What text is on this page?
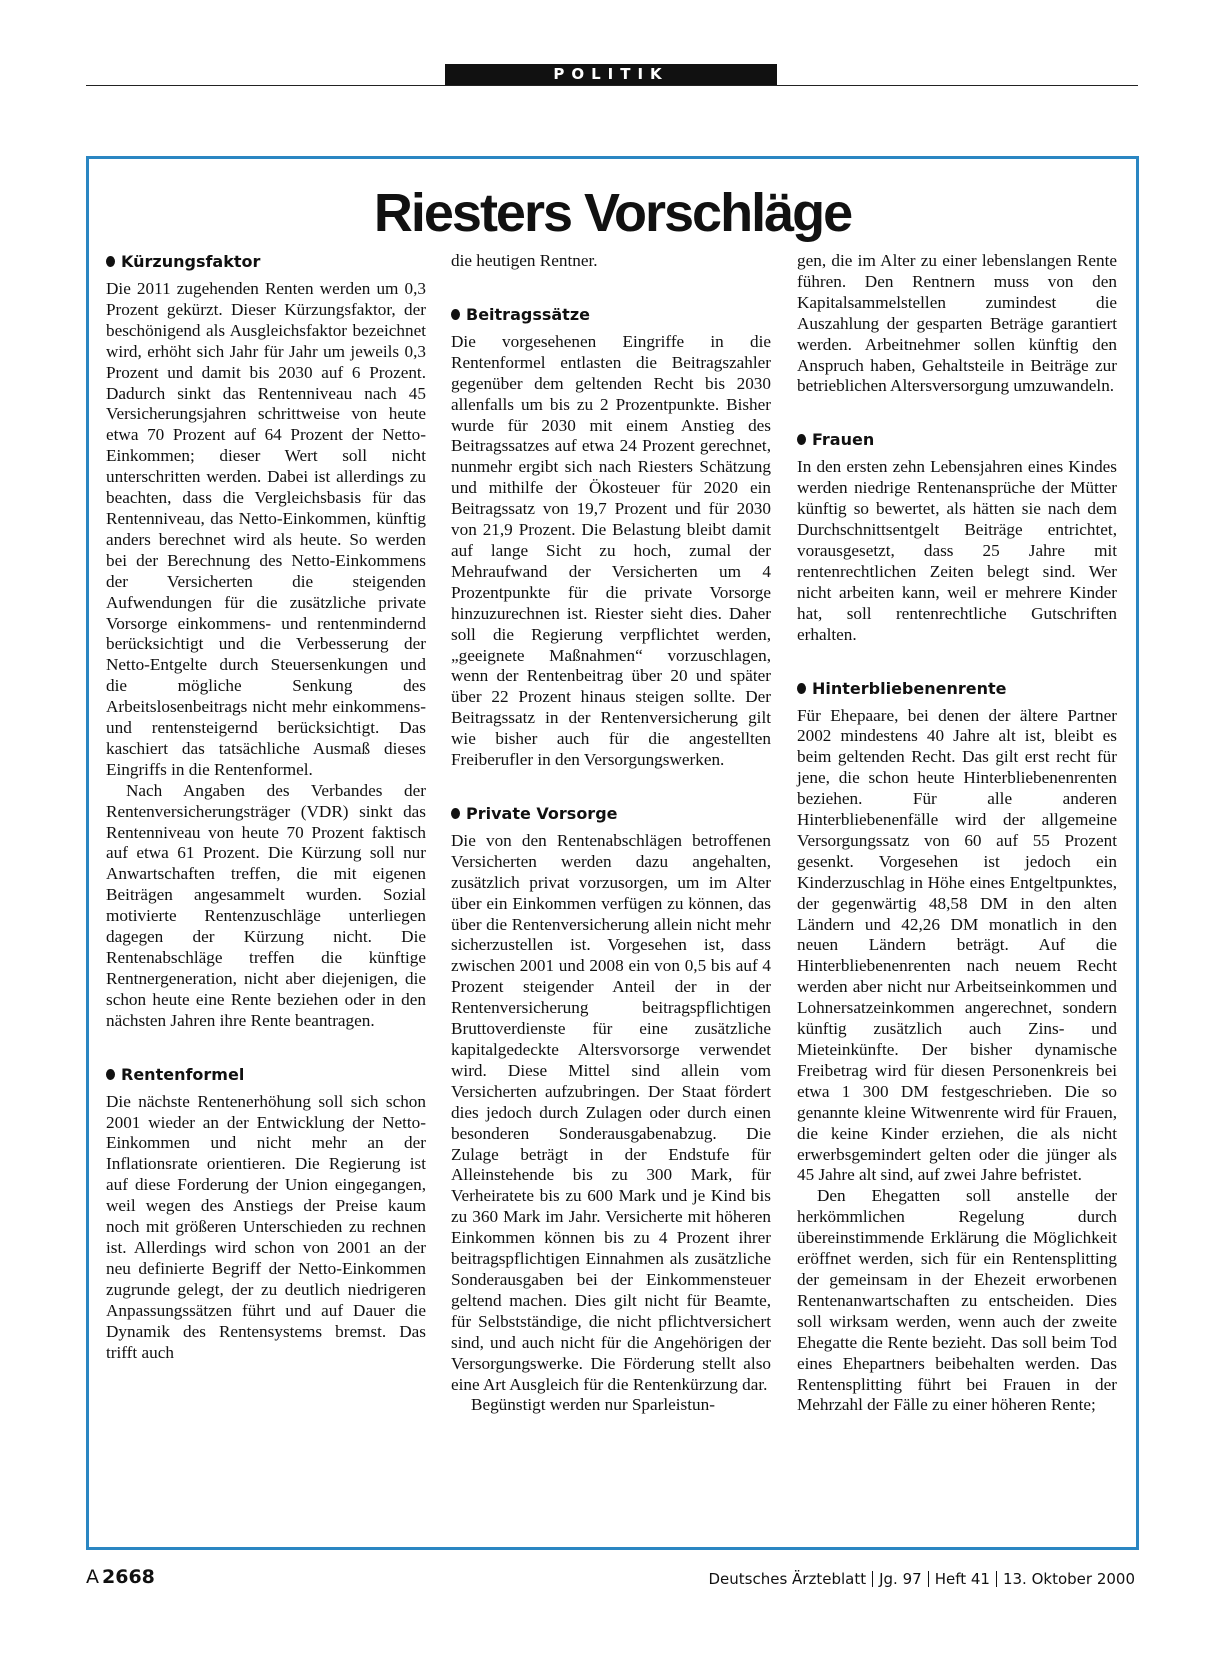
POLITIK
Riesters Vorschläge
Kürzungsfaktor

Die 2011 zugehenden Renten werden um 0,3 Prozent gekürzt. Dieser Kürzungsfaktor, der beschönigend als Ausgleichsfaktor bezeichnet wird, erhöht sich Jahr für Jahr um jeweils 0,3 Prozent und damit bis 2030 auf 6 Prozent. Dadurch sinkt das Rentenniveau nach 45 Versicherungsjahren schrittweise von heute etwa 70 Prozent auf 64 Prozent der Netto-Einkommen; dieser Wert soll nicht unterschritten werden. Dabei ist allerdings zu beachten, dass die Vergleichsbasis für das Rentenniveau, das Netto-Einkommen, künftig anders berechnet wird als heute. So werden bei der Berechnung des Netto-Einkommens der Versicherten die steigenden Aufwendungen für die zusätzliche private Vorsorge einkommens- und rentenmindernd berücksichtigt und die Verbesserung der Netto-Entgelte durch Steuersenkungen und die mögliche Senkung des Arbeitslosenbeitrags nicht mehr einkommens- und rentensteigernd berücksichtigt. Das kaschiert das tatsächliche Ausmaß dieses Eingriffs in die Rentenformel.

Nach Angaben des Verbandes der Rentenversicherungsträger (VDR) sinkt das Rentenniveau von heute 70 Prozent faktisch auf etwa 61 Prozent. Die Kürzung soll nur Anwartschaften treffen, die mit eigenen Beiträgen angesammelt wurden. Sozial motivierte Rentenzuschläge unterliegen dagegen der Kürzung nicht. Die Rentenabschläge treffen die künftige Rentnergeneration, nicht aber diejenigen, die schon heute eine Rente beziehen oder in den nächsten Jahren ihre Rente beantragen.

Rentenformel

Die nächste Rentenerhöhung soll sich schon 2001 wieder an der Entwicklung der Netto-Einkommen und nicht mehr an der Inflationsrate orientieren. Die Regierung ist auf diese Forderung der Union eingegangen, weil wegen des Anstiegs der Preise kaum noch mit größeren Unterschieden zu rechnen ist. Allerdings wird schon von 2001 an der neu definierte Begriff der Netto-Einkommen zugrunde gelegt, der zu deutlich niedrigeren Anpassungssätzen führt und auf Dauer die Dynamik des Rentensystems bremst. Das trifft auch

die heutigen Rentner.

Beitragssätze

Die vorgesehenen Eingriffe in die Rentenformel entlasten die Beitragszahler gegenüber dem geltenden Recht bis 2030 allenfalls um bis zu 2 Prozentpunkte. Bisher wurde für 2030 mit einem Anstieg des Beitragssatzes auf etwa 24 Prozent gerechnet, nunmehr ergibt sich nach Riesters Schätzung und mithilfe der Ökosteuer für 2020 ein Beitragssatz von 19,7 Prozent und für 2030 von 21,9 Prozent. Die Belastung bleibt damit auf lange Sicht zu hoch, zumal der Mehraufwand der Versicherten um 4 Prozentpunkte für die private Vorsorge hinzuzurechnen ist. Riester sieht dies. Daher soll die Regierung verpflichtet werden, „geeignete Maßnahmen“ vorzuschlagen, wenn der Rentenbeitrag über 20 und später über 22 Prozent hinaus steigen sollte. Der Beitragssatz in der Rentenversicherung gilt wie bisher auch für die angestellten Freiberufler in den Versorgungswerken.

Private Vorsorge

Die von den Rentenabschlägen betroffenen Versicherten werden dazu angehalten, zusätzlich privat vorzusorgen, um im Alter über ein Einkommen verfügen zu können, das über die Rentenversicherung allein nicht mehr sicherzustellen ist. Vorgesehen ist, dass zwischen 2001 und 2008 ein von 0,5 bis auf 4 Prozent steigender Anteil der in der Rentenversicherung beitragspflichtigen Bruttoverdienste für eine zusätzliche kapitalgedeckte Altersvorsorge verwendet wird. Diese Mittel sind allein vom Versicherten aufzubringen. Der Staat fördert dies jedoch durch Zulagen oder durch einen besonderen Sonderausgabenabzug. Die Zulage beträgt in der Endstufe für Alleinstehende bis zu 300 Mark, für Verheiratete bis zu 600 Mark und je Kind bis zu 360 Mark im Jahr. Versicherte mit höheren Einkommen können bis zu 4 Prozent ihrer beitragspflichtigen Einnahmen als zusätzliche Sonderausgaben bei der Einkommensteuer geltend machen. Dies gilt nicht für Beamte, für Selbstständige, die nicht pflichtversichert sind, und auch nicht für die Angehörigen der Versorgungswerke. Die Förderung stellt also eine Art Ausgleich für die Rentenkürzung dar.

Begünstigt werden nur Sparleistun-

gen, die im Alter zu einer lebenslangen Rente führen. Den Rentnern muss von den Kapitalsammelstellen zumindest die Auszahlung der gesparten Beträge garantiert werden. Arbeitnehmer sollen künftig den Anspruch haben, Gehaltsteile in Beiträge zur betrieblichen Altersversorgung umzuwandeln.

Frauen

In den ersten zehn Lebensjahren eines Kindes werden niedrige Rentenansprüche der Mütter künftig so bewertet, als hätten sie nach dem Durchschnittsentgelt Beiträge entrichtet, vorausgesetzt, dass 25 Jahre mit rentenrechtlichen Zeiten belegt sind. Wer nicht arbeiten kann, weil er mehrere Kinder hat, soll rentenrechtliche Gutschriften erhalten.

Hinterbliebenenrente

Für Ehepaare, bei denen der ältere Partner 2002 mindestens 40 Jahre alt ist, bleibt es beim geltenden Recht. Das gilt erst recht für jene, die schon heute Hinterbliebenenrenten beziehen. Für alle anderen Hinterbliebenenfälle wird der allgemeine Versorgungssatz von 60 auf 55 Prozent gesenkt. Vorgesehen ist jedoch ein Kinderzuschlag in Höhe eines Entgeltpunktes, der gegenwärtig 48,58 DM in den alten Ländern und 42,26 DM monatlich in den neuen Ländern beträgt. Auf die Hinterbliebenenrenten nach neuem Recht werden aber nicht nur Arbeitseinkommen und Lohnersatzeinkommen angerechnet, sondern künftig zusätzlich auch Zins- und Mieteinkünfte. Der bisher dynamische Freibetrag wird für diesen Personenkreis bei etwa 1 300 DM festgeschrieben. Die so genannte kleine Witwenrente wird für Frauen, die keine Kinder erziehen, die als nicht erwerbsgemindert gelten oder die jünger als 45 Jahre alt sind, auf zwei Jahre befristet.

Den Ehegatten soll anstelle der herkömmlichen Regelung durch übereinstimmende Erklärung die Möglichkeit eröffnet werden, sich für ein Rentensplitting der gemeinsam in der Ehezeit erworbenen Rentenanwartschaften zu entscheiden. Dies soll wirksam werden, wenn auch der zweite Ehegatte die Rente bezieht. Das soll beim Tod eines Ehepartners beibehalten werden. Das Rentensplitting führt bei Frauen in der Mehrzahl der Fälle zu einer höheren Rente;

A 2668	Deutsches Ärzteblatt Jg. 97 Heft 41 13. Oktober 2000
